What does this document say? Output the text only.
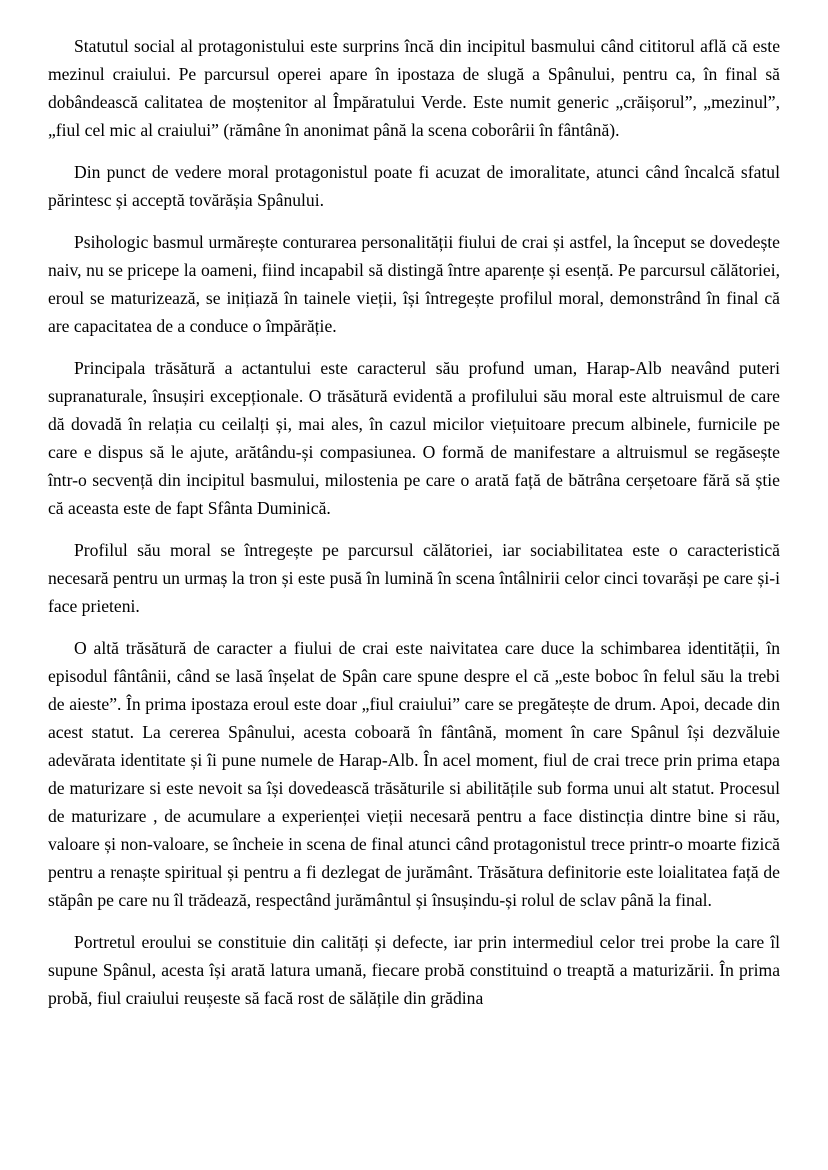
Statutul social al protagonistului este surprins încă din incipitul basmului când cititorul află că este mezinul craiului. Pe parcursul operei apare în ipostaza de slugă a Spânului, pentru ca, în final să dobândească calitatea de moștenitor al Împăratului Verde. Este numit generic „crăișorul”, „mezinul”, „fiul cel mic al craiului” (rămâne în anonimat până la scena coborârii în fântână).

Din punct de vedere moral protagonistul poate fi acuzat de imoralitate, atunci când încalcă sfatul părintesc și acceptă tovărășia Spânului.

Psihologic basmul urmărește conturarea personalității fiului de crai și astfel, la început se dovedește naiv, nu se pricepe la oameni, fiind incapabil să distingă între aparențe și esență. Pe parcursul călătoriei, eroul se maturizează, se inițiază în tainele vieții, își întregește profilul moral, demonstrând în final că are capacitatea de a conduce o împărăție.

Principala trăsătură a actantului este caracterul său profund uman, Harap-Alb neavând puteri supranaturale, însușiri excepționale. O trăsătură evidentă a profilului său moral este altruismul de care dă dovadă în relația cu ceilalți și, mai ales, în cazul micilor viețuitoare precum albinele, furnicile pe care e dispus să le ajute, arătându-și compasiunea. O formă de manifestare a altruismul se regăsește într-o secvență din incipitul basmului, milostenia pe care o arată față de bătrâna cerșetoare fără să știe că aceasta este de fapt Sfânta Duminică.

Profilul său moral se întregește pe parcursul călătoriei, iar sociabilitatea este o caracteristică necesară pentru un urmaș la tron și este pusă în lumină în scena întâlnirii celor cinci tovarăși pe care și-i face prieteni.

O altă trăsătură de caracter a fiului de crai este naivitatea care duce la schimbarea identității, în episodul fântânii, când se lasă înșelat de Spân care spune despre el că „este boboc în felul său la trebi de aieste”. În prima ipostaza eroul este doar „fiul craiului” care se pregătește de drum. Apoi, decade din acest statut. La cererea Spânului, acesta coboară în fântână, moment în care Spânul își dezvăluie adevărata identitate și îi pune numele de Harap-Alb. În acel moment, fiul de crai trece prin prima etapa de maturizare si este nevoit sa își dovedească trăsăturile si abilitățile sub forma unui alt statut. Procesul de maturizare , de acumulare a experienței vieții necesară pentru a face distincția dintre bine si rău, valoare și non-valoare, se încheie in scena de final atunci când protagonistul trece printr-o moarte fizică pentru a renaște spiritual și pentru a fi dezlegat de jurământ. Trăsătura definitorie este loialitatea față de stăpân pe care nu îl trădează, respectând jurământul și însușindu-și rolul de sclav până la final.

Portretul eroului se constituie din calități și defecte, iar prin intermediul celor trei probe la care îl supune Spânul, acesta își arată latura umană, fiecare probă constituind o treaptă a maturizării. În prima probă, fiul craiului reușeste să facă rost de sălățile din grădina
